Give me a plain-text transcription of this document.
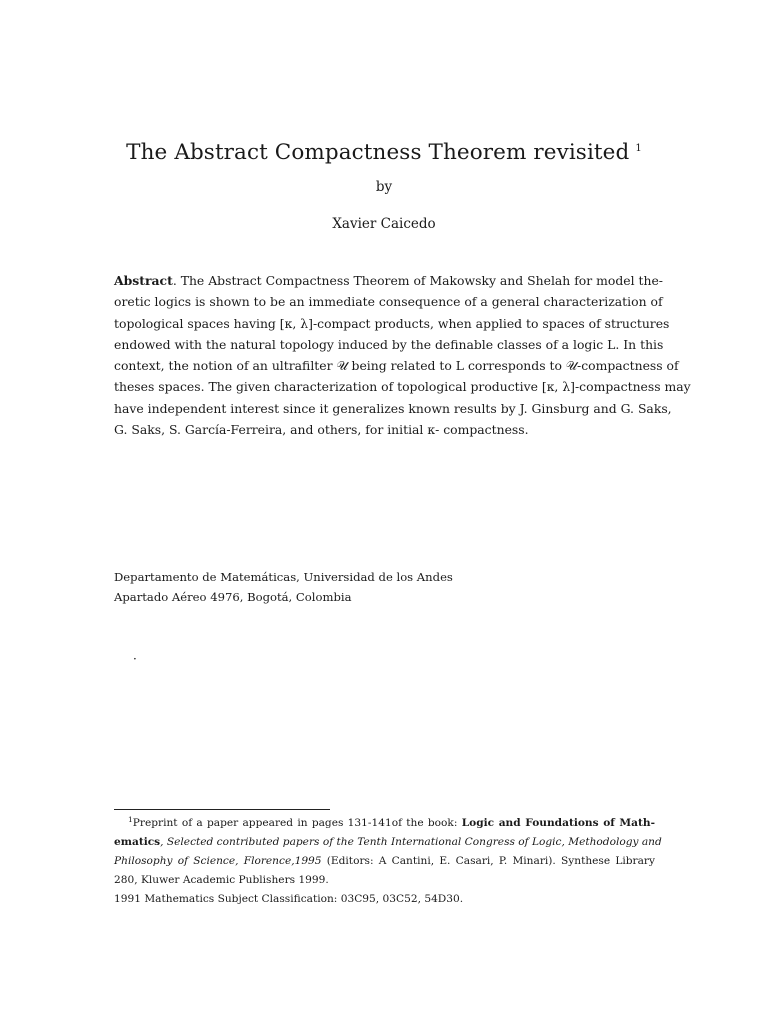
The Abstract Compactness Theorem revisited $^1$
by
Xavier Caicedo
Abstract. The Abstract Compactness Theorem of Makowsky and Shelah for model the-
oretic logics is shown to be an immediate consequence of a general characterization of
topological spaces having [κ, λ]-compact products, when applied to spaces of structures
endowed with the natural topology induced by the definable classes of a logic L. In this
context, the notion of an ultrafilter 𝒰 being related to L corresponds to 𝒰-compactness of
theses spaces. The given characterization of topological productive [κ, λ]-compactness may
have independent interest since it generalizes known results by J. Ginsburg and G. Saks,
G. Saks, S. García-Ferreira, and others, for initial κ- compactness.
Departamento de Matemáticas, Universidad de los Andes
Apartado Aéreo 4976, Bogotá, Colombia
·
$^1$Preprint of a paper appeared in pages 131-141of the book: Logic and Foundations of Math-
ematics, Selected contributed papers of the Tenth International Congress of Logic, Methodology and
Philosophy of Science, Florence,1995 (Editors: A Cantini, E. Casari, P. Minari). Synthese Library
280, Kluwer Academic Publishers 1999.
1991 Mathematics Subject Classification: 03C95, 03C52, 54D30.
